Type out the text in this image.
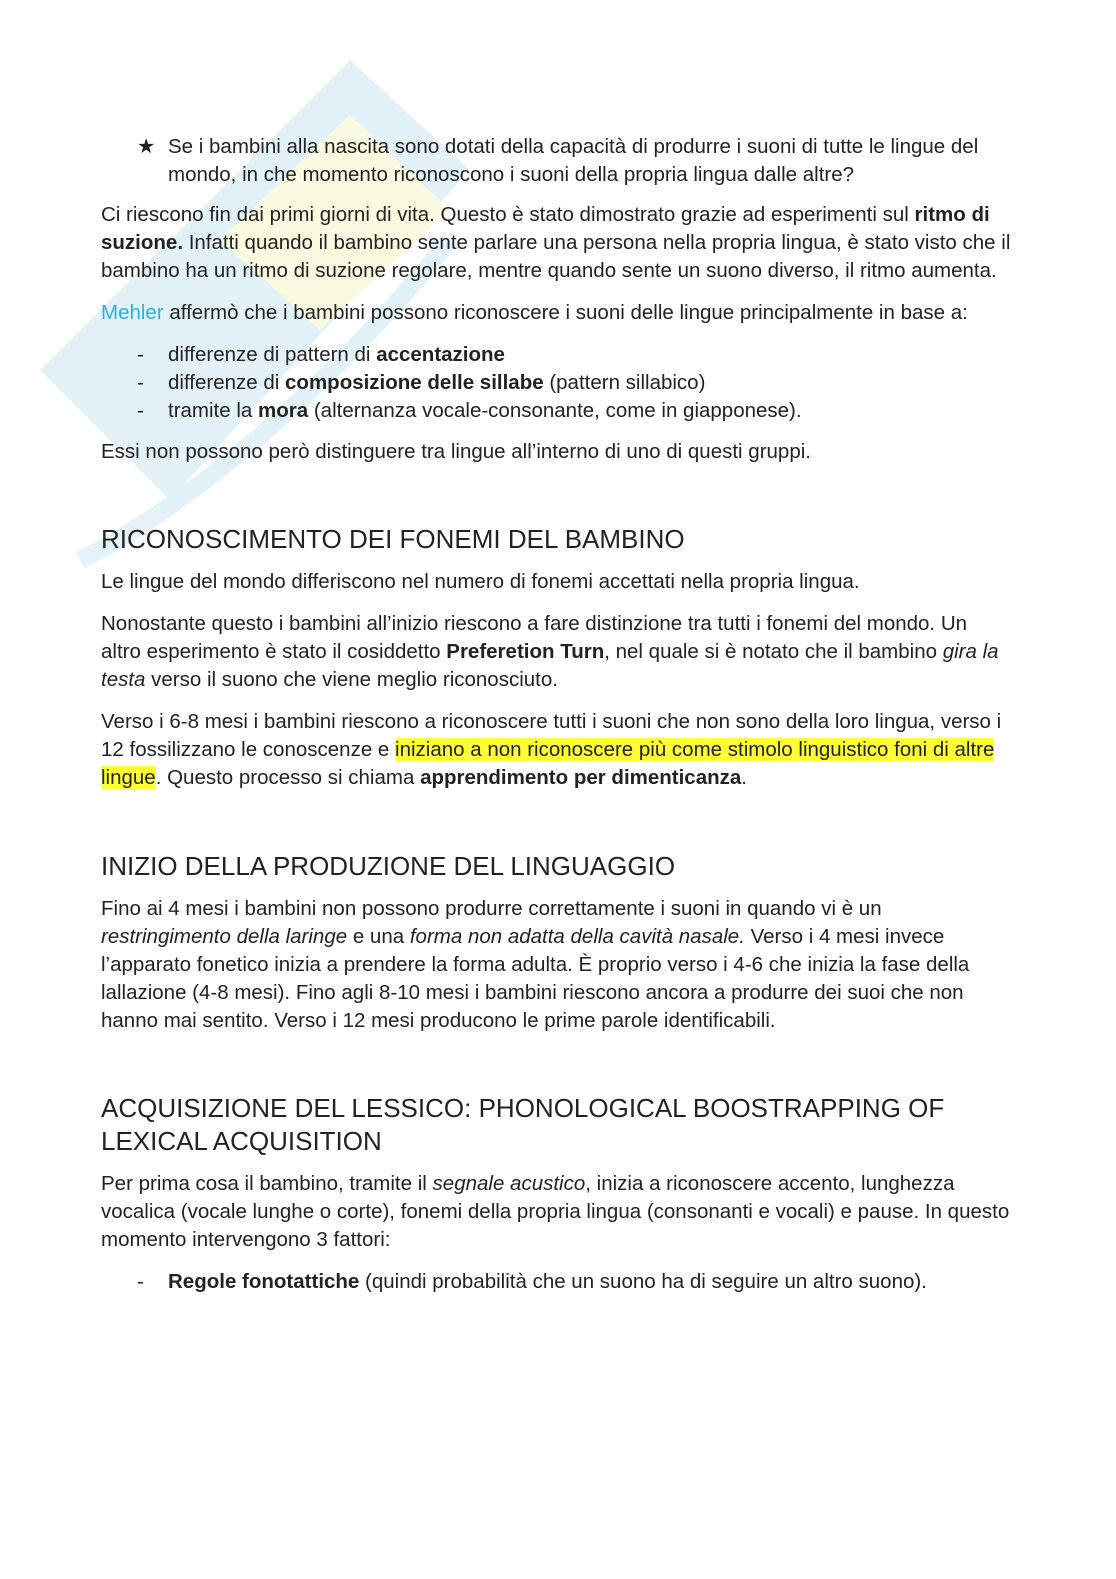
★ Se i bambini alla nascita sono dotati della capacità di produrre i suoni di tutte le lingue del mondo, in che momento riconoscono i suoni della propria lingua dalle altre?

Ci riescono fin dai primi giorni di vita. Questo è stato dimostrato grazie ad esperimenti sul ritmo di suzione. Infatti quando il bambino sente parlare una persona nella propria lingua, è stato visto che il bambino ha un ritmo di suzione regolare, mentre quando sente un suono diverso, il ritmo aumenta.

Mehler affermò che i bambini possono riconoscere i suoni delle lingue principalmente in base a:

- differenze di pattern di accentazione
- differenze di composizione delle sillabe (pattern sillabico)
- tramite la mora (alternanza vocale-consonante, come in giapponese).

Essi non possono però distinguere tra lingue all’interno di uno di questi gruppi.

RICONOSCIMENTO DEI FONEMI DEL BAMBINO

Le lingue del mondo differiscono nel numero di fonemi accettati nella propria lingua.

Nonostante questo i bambini all’inizio riescono a fare distinzione tra tutti i fonemi del mondo. Un altro esperimento è stato il cosiddetto Preferetion Turn, nel quale si è notato che il bambino gira la testa verso il suono che viene meglio riconosciuto.

Verso i 6-8 mesi i bambini riescono a riconoscere tutti i suoni che non sono della loro lingua, verso i 12 fossilizzano le conoscenze e iniziano a non riconoscere più come stimolo linguistico foni di altre lingue. Questo processo si chiama apprendimento per dimenticanza.

INIZIO DELLA PRODUZIONE DEL LINGUAGGIO

Fino ai 4 mesi i bambini non possono produrre correttamente i suoni in quando vi è un restringimento della laringe e una forma non adatta della cavità nasale. Verso i 4 mesi invece l’apparato fonetico inizia a prendere la forma adulta. È proprio verso i 4-6 che inizia la fase della lallazione (4-8 mesi). Fino agli 8-10 mesi i bambini riescono ancora a produrre dei suoi che non hanno mai sentito. Verso i 12 mesi producono le prime parole identificabili.

ACQUISIZIONE DEL LESSICO: PHONOLOGICAL BOOSTRAPPING OF LEXICAL ACQUISITION

Per prima cosa il bambino, tramite il segnale acustico, inizia a riconoscere accento, lunghezza vocalica (vocale lunghe o corte), fonemi della propria lingua (consonanti e vocali) e pause. In questo momento intervengono 3 fattori:

- Regole fonotattiche (quindi probabilità che un suono ha di seguire un altro suono).
